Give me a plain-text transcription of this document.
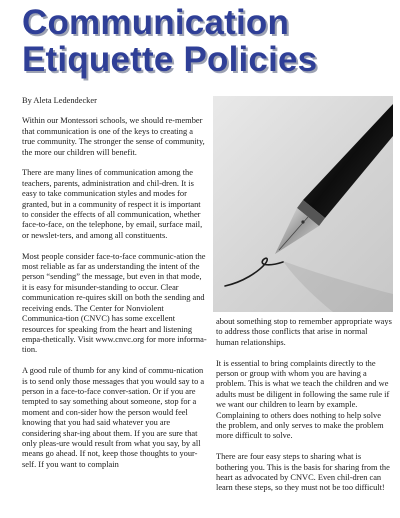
Communication
Etiquette Policies

By Aleta Ledendecker

Within our Montessori schools, we should re-member that communication is one of the keys to creating a true community. The stronger the sense of community, the more our children will benefit.

There are many lines of communication among the teachers, parents, administration and chil-dren. It is easy to take communication styles and modes for granted, but in a community of respect it is important to consider the effects of all communication, whether face-to-face, on the telephone, by email, surface mail, or newslet-ters, and among all constituents.

Most people consider face-to-face communic-ation the most reliable as far as understanding the intent of the person “sending” the message, but even in that mode, it is easy for misunder-standing to occur. Clear communication re-quires skill on both the sending and receiving ends. The Center for Nonviolent Communica-tion (CNVC) has some excellent resources for speaking from the heart and listening empa-thetically. Visit www.cnvc.org for more informa-tion.

A good rule of thumb for any kind of commu-nication is to send only those messages that you would say to a person in a face-to-face conver-sation. Or if you are tempted to say something about someone, stop for a moment and con-sider how the person would feel knowing that you had said whatever you are considering shar-ing about them. If you are sure that only pleas-ure would result from what you say, by all means go ahead. If not, keep those thoughts to your-self. If you want to complain

about something stop to remember appropriate ways to address those conflicts that arise in normal human relationships.

It is essential to bring complaints directly to the person or group with whom you are having a problem. This is what we teach the children and we adults must be diligent in following the same rule if we want our children to learn by example. Complaining to others does nothing to help solve the problem, and only serves to make the problem more difficult to solve.

There are four easy steps to sharing what is bothering you. This is the basis for sharing from the heart as advocated by CNVC. Even chil-dren can learn these steps, so they must not be too difficult!
